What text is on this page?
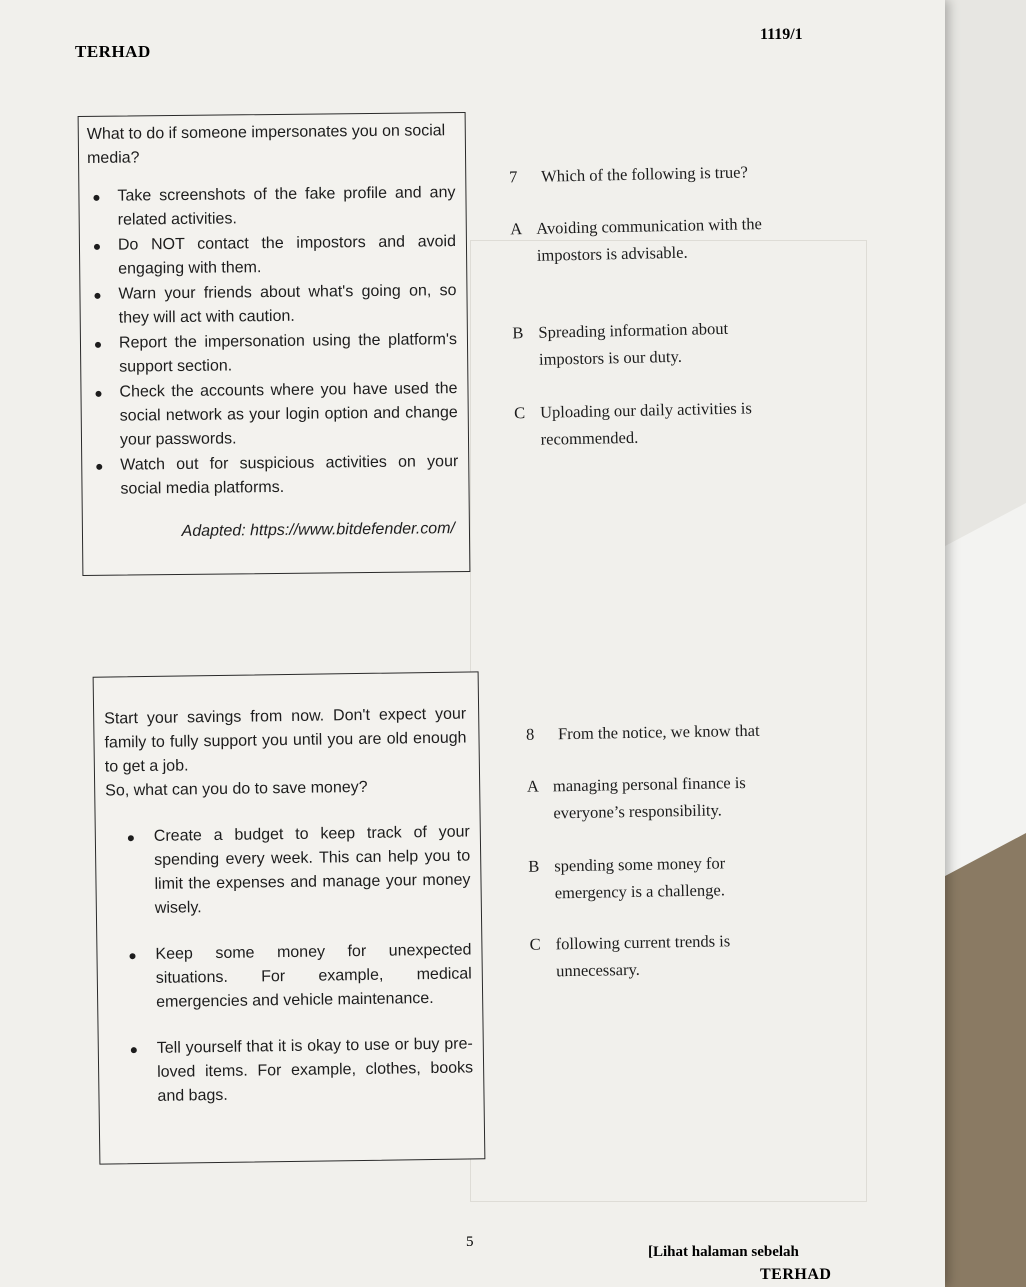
TERHAD
1119/1
What to do if someone impersonates you on social media?
Take screenshots of the fake profile and any related activities.
Do NOT contact the impostors and avoid engaging with them.
Warn your friends about what's going on, so they will act with caution.
Report the impersonation using the platform's support section.
Check the accounts where you have used the social network as your login option and change your passwords.
Watch out for suspicious activities on your social media platforms.
Adapted: https://www.bitdefender.com/
7 Which of the following is true?
A Avoiding communication with the impostors is advisable.
B Spreading information about impostors is our duty.
C Uploading our daily activities is recommended.
Start your savings from now. Don't expect your family to fully support you until you are old enough to get a job.
So, what can you do to save money?
Create a budget to keep track of your spending every week. This can help you to limit the expenses and manage your money wisely.
Keep some money for unexpected situations. For example, medical emergencies and vehicle maintenance.
Tell yourself that it is okay to use or buy pre-loved items. For example, clothes, books and bags.
8 From the notice, we know that
A managing personal finance is everyone’s responsibility.
B spending some money for emergency is a challenge.
C following current trends is unnecessary.
5
[Lihat halaman sebelah
TERHAD
